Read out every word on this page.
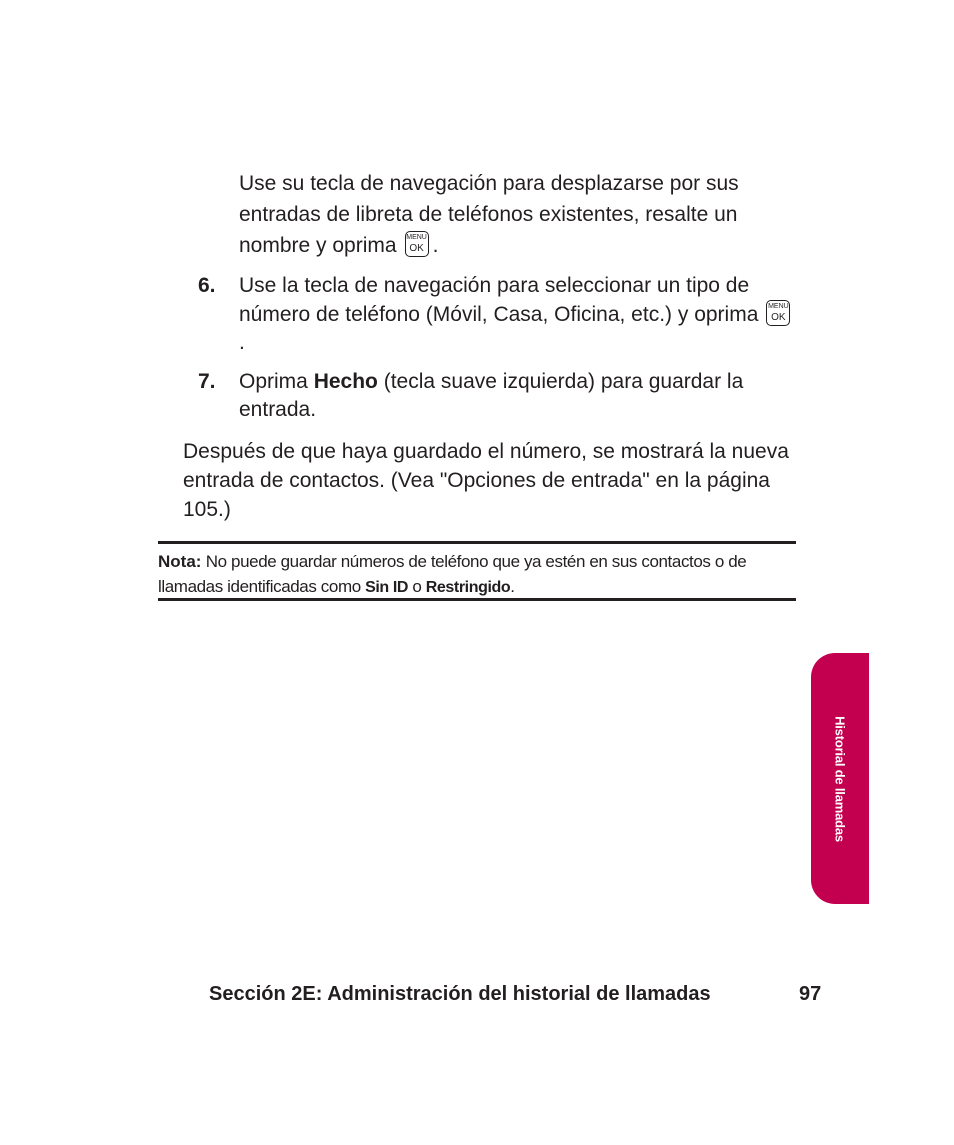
Use su tecla de navegación para desplazarse por sus entradas de libreta de teléfonos existentes, resalte un nombre y oprima MENU
OK .
6. Use la tecla de navegación para seleccionar un tipo de número de teléfono (Móvil, Casa, Oficina, etc.) y oprima MENU
OK
.
7. Oprima Hecho (tecla suave izquierda) para guardar la entrada.
Después de que haya guardado el número, se mostrará la nueva entrada de contactos. (Vea "Opciones de entrada" en la página 105.)
Nota: No puede guardar números de teléfono que ya estén en sus contactos o de llamadas identificadas como Sin ID o Restringido.
Historial de llamadas
Sección 2E: Administración del historial de llamadas	97
